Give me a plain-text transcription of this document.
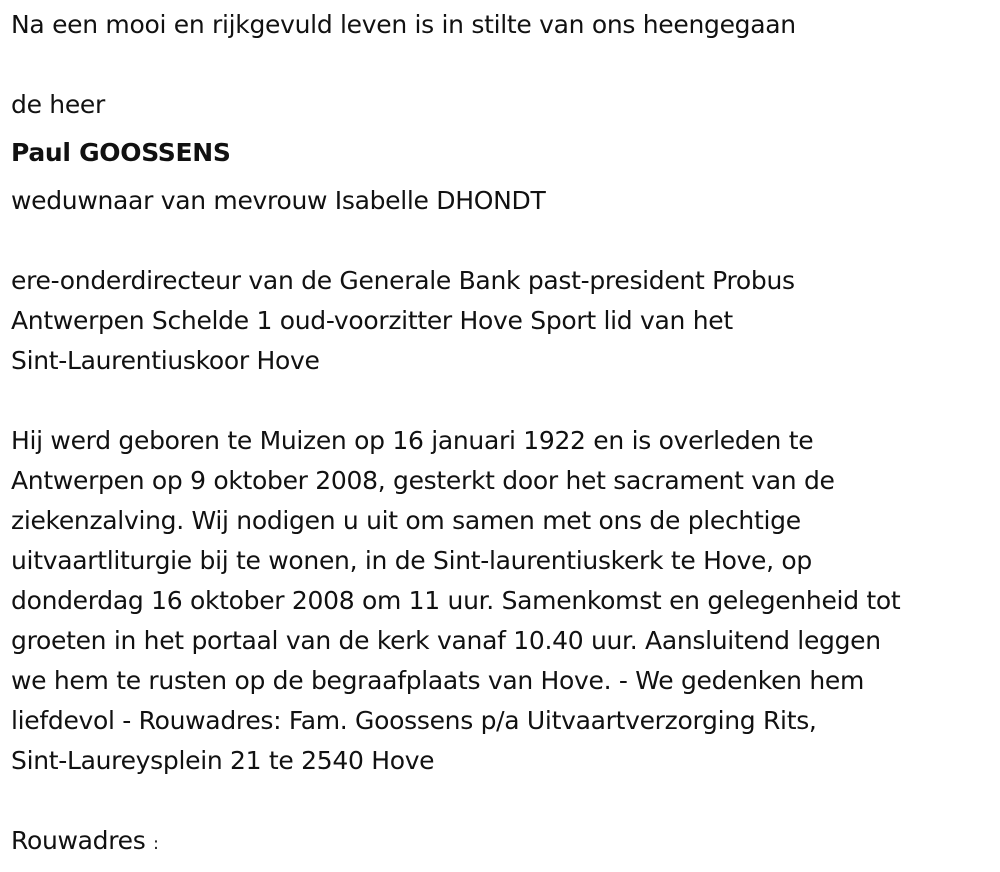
Na een mooi en rijkgevuld leven is in stilte van ons heengegaan
de heer
Paul GOOSSENS
weduwnaar van mevrouw Isabelle DHONDT
ere-onderdirecteur van de Generale Bank past-president Probus
Antwerpen Schelde 1 oud-voorzitter Hove Sport lid van het
Sint-Laurentiuskoor Hove
Hij werd geboren te Muizen op 16 januari 1922 en is overleden te
Antwerpen op 9 oktober 2008, gesterkt door het sacrament van de
ziekenzalving. Wij nodigen u uit om samen met ons de plechtige
uitvaartliturgie bij te wonen, in de Sint-laurentiuskerk te Hove, op
donderdag 16 oktober 2008 om 11 uur. Samenkomst en gelegenheid tot
groeten in het portaal van de kerk vanaf 10.40 uur. Aansluitend leggen
we hem te rusten op de begraafplaats van Hove. - We gedenken hem
liefdevol - Rouwadres: Fam. Goossens p/a Uitvaartverzorging Rits,
Sint-Laureysplein 21 te 2540 Hove
Rouwadres :
